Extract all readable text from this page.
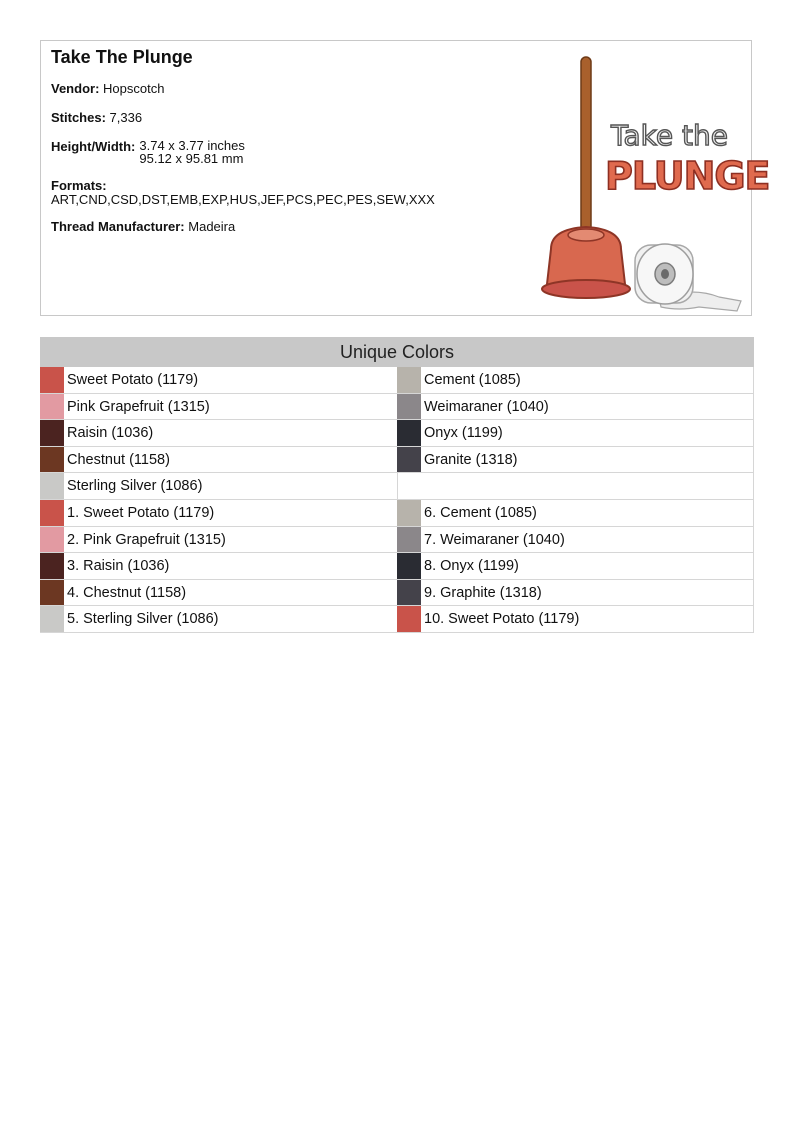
Take The Plunge
Vendor: Hopscotch
Stitches: 7,336
Height/Width: 3.74 x 3.77 inches
95.12 x 95.81 mm
Formats:
ART,CND,CSD,DST,EMB,EXP,HUS,JEF,PCS,PEC,PES,SEW,XXX
Thread Manufacturer: Madeira
Take the
PLUNGE
Unique Colors
Sweet Potato (1179)	Cement (1085)
Pink Grapefruit (1315)	Weimaraner (1040)
Raisin (1036)	Onyx (1199)
Chestnut (1158)	Granite (1318)
Sterling Silver (1086)
1. Sweet Potato (1179)	6. Cement (1085)
2. Pink Grapefruit (1315)	7. Weimaraner (1040)
3. Raisin (1036)	8. Onyx (1199)
4. Chestnut (1158)	9. Graphite (1318)
5. Sterling Silver (1086)	10. Sweet Potato (1179)
